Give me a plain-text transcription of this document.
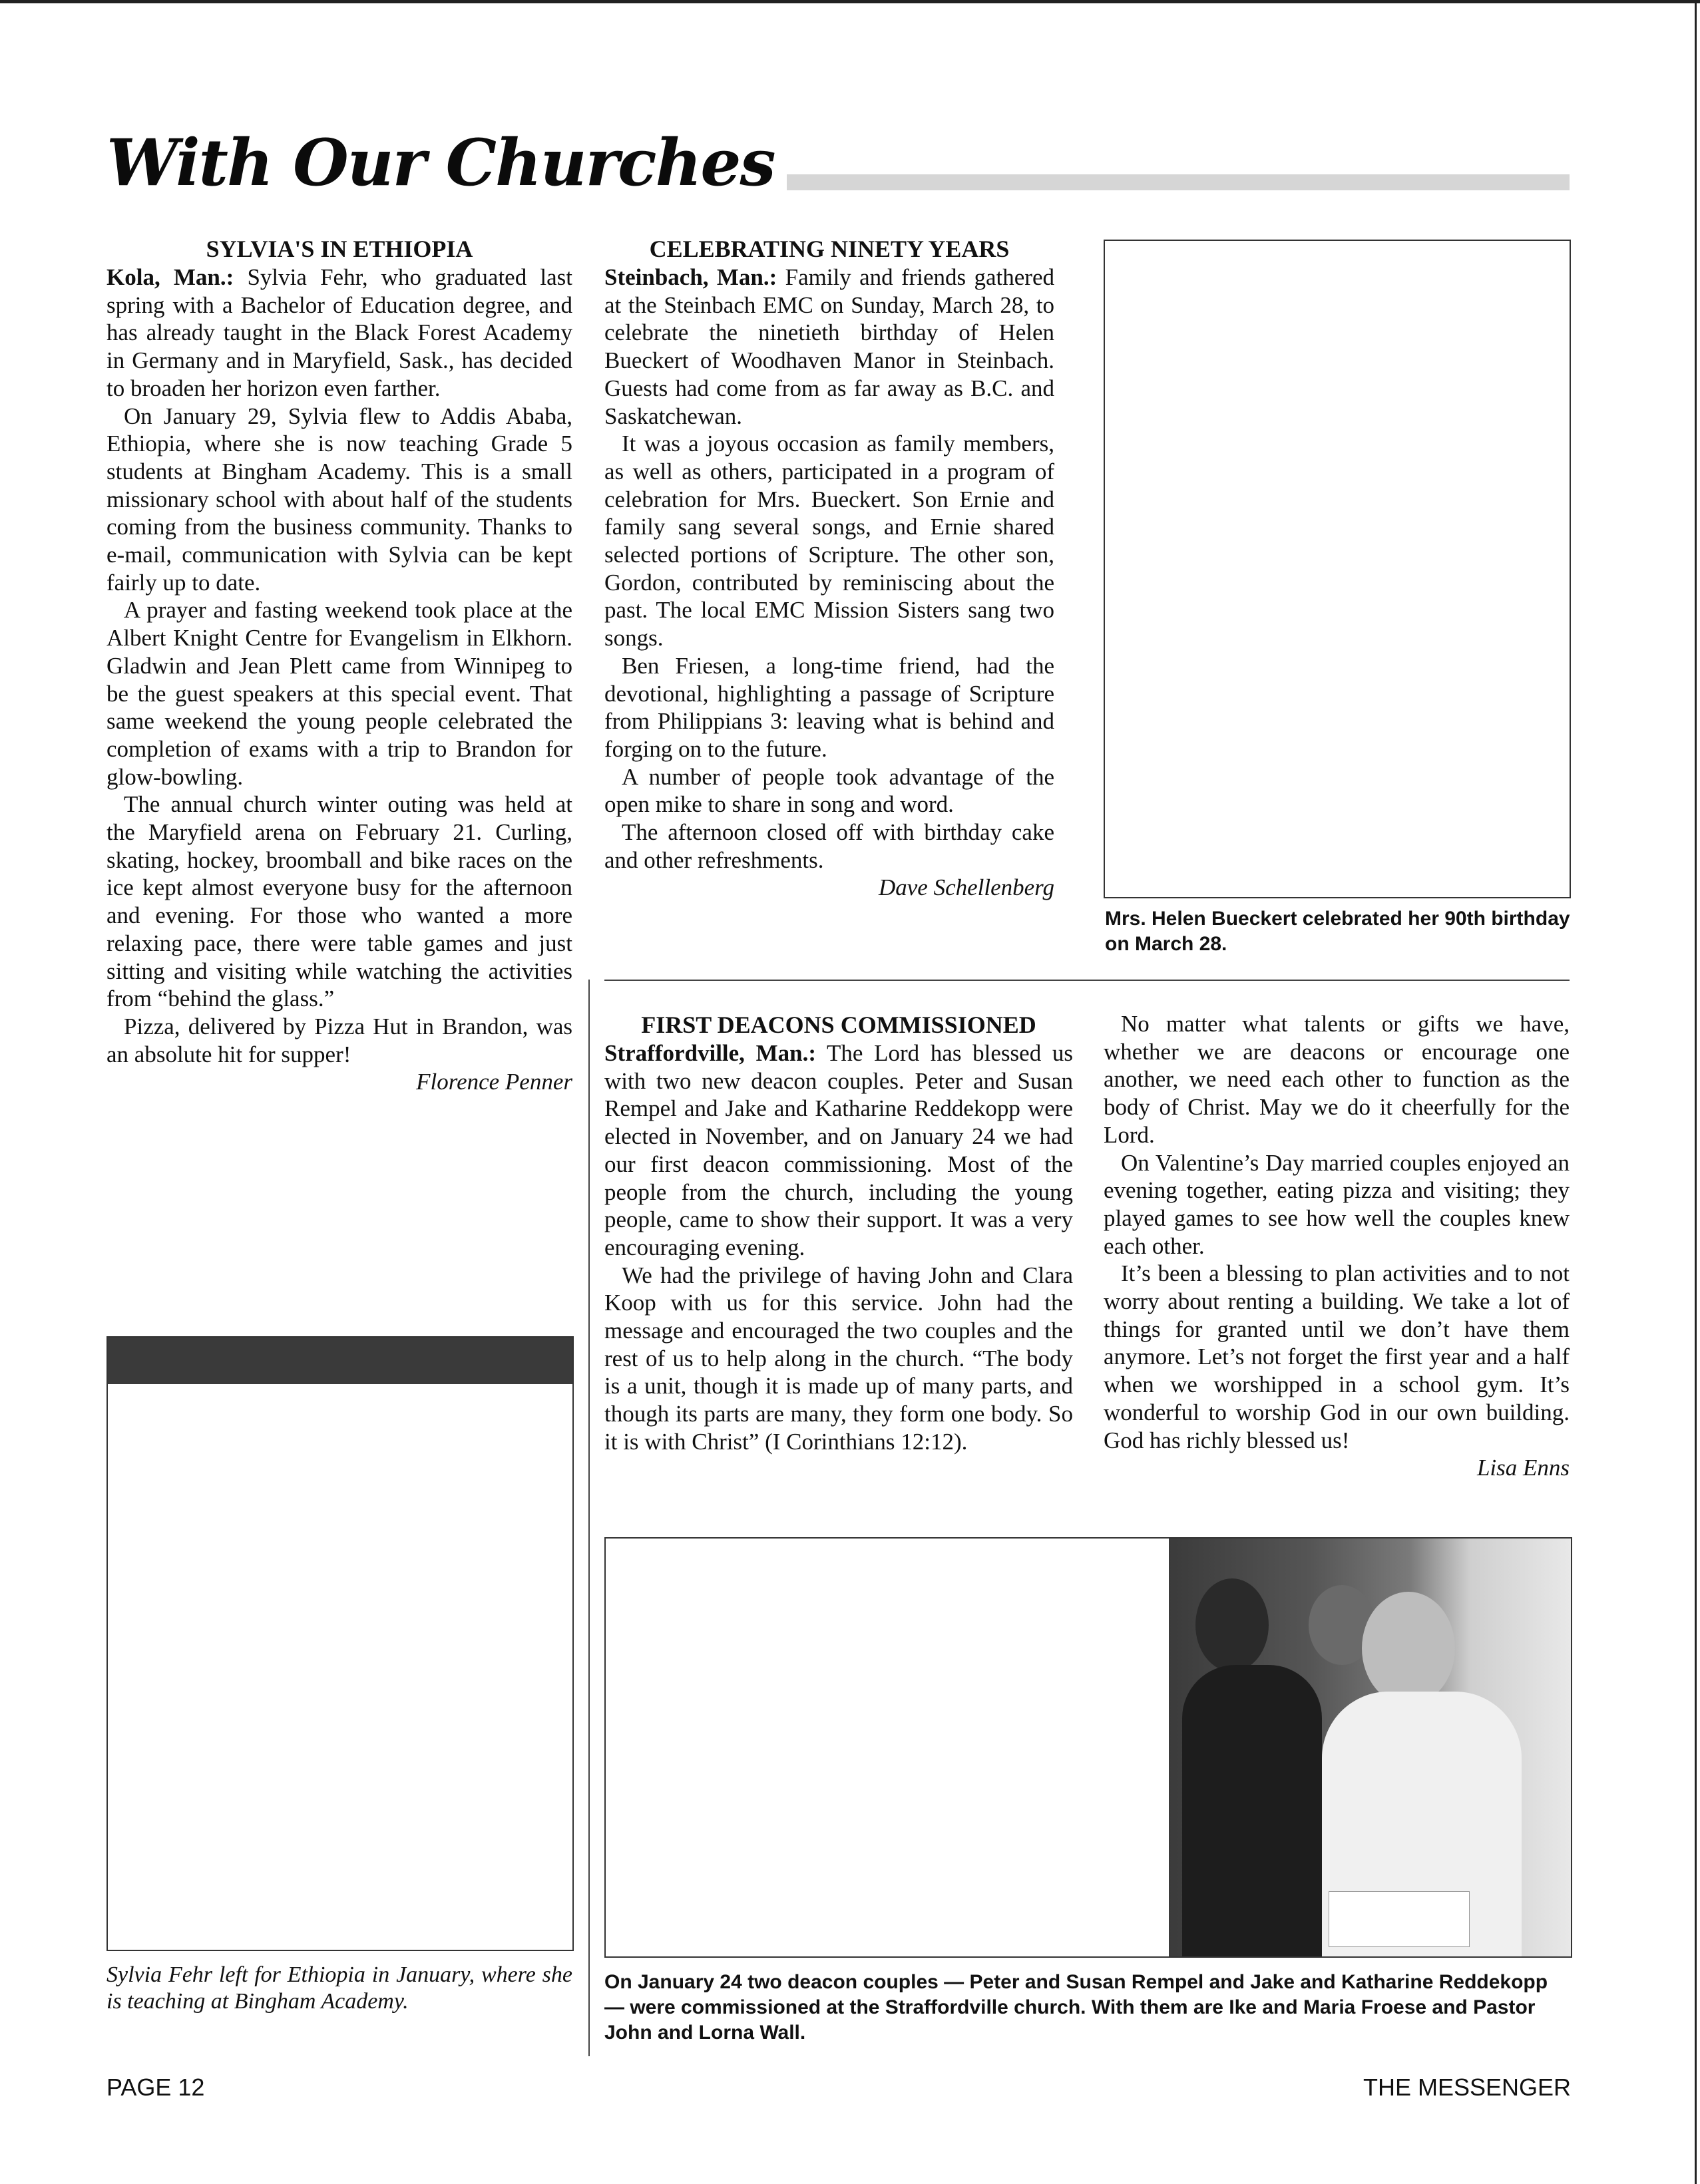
With Our Churches

SYLVIA'S IN ETHIOPIA

Kola, Man.: Sylvia Fehr, who graduated last spring with a Bachelor of Education degree, and has already taught in the Black Forest Academy in Germany and in Maryfield, Sask., has decided to broaden her horizon even farther.

On January 29, Sylvia flew to Addis Ababa, Ethiopia, where she is now teaching Grade 5 students at Bingham Academy. This is a small missionary school with about half of the students coming from the business community. Thanks to e-mail, communication with Sylvia can be kept fairly up to date.

A prayer and fasting weekend took place at the Albert Knight Centre for Evangelism in Elkhorn. Gladwin and Jean Plett came from Winnipeg to be the guest speakers at this special event. That same weekend the young people celebrated the completion of exams with a trip to Brandon for glow-bowling.

The annual church winter outing was held at the Maryfield arena on February 21. Curling, skating, hockey, broomball and bike races on the ice kept almost everyone busy for the afternoon and evening. For those who wanted a more relaxing pace, there were table games and just sitting and visiting while watching the activities from “behind the glass.”

Pizza, delivered by Pizza Hut in Brandon, was an absolute hit for supper!

Florence Penner

Sylvia Fehr left for Ethiopia in January, where she is teaching at Bingham Academy.

CELEBRATING NINETY YEARS

Steinbach, Man.: Family and friends gathered at the Steinbach EMC on Sunday, March 28, to celebrate the ninetieth birthday of Helen Bueckert of Woodhaven Manor in Steinbach. Guests had come from as far away as B.C. and Saskatchewan.

It was a joyous occasion as family members, as well as others, participated in a program of celebration for Mrs. Bueckert. Son Ernie and family sang several songs, and Ernie shared selected portions of Scripture. The other son, Gordon, contributed by reminiscing about the past. The local EMC Mission Sisters sang two songs.

Ben Friesen, a long-time friend, had the devotional, highlighting a passage of Scripture from Philippians 3: leaving what is behind and forging on to the future.

A number of people took advantage of the open mike to share in song and word.

The afternoon closed off with birthday cake and other refreshments.

Dave Schellenberg

Mrs. Helen Bueckert celebrated her 90th birthday on March 28.

FIRST DEACONS COMMISSIONED

Straffordville, Man.: The Lord has blessed us with two new deacon couples. Peter and Susan Rempel and Jake and Katharine Reddekopp were elected in November, and on January 24 we had our first deacon commissioning. Most of the people from the church, including the young people, came to show their support. It was a very encouraging evening.

We had the privilege of having John and Clara Koop with us for this service. John had the message and encouraged the two couples and the rest of us to help along in the church. “The body is a unit, though it is made up of many parts, and though its parts are many, they form one body. So it is with Christ” (I Corinthians 12:12).

No matter what talents or gifts we have, whether we are deacons or encourage one another, we need each other to function as the body of Christ. May we do it cheerfully for the Lord.

On Valentine’s Day married couples enjoyed an evening together, eating pizza and visiting; they played games to see how well the couples knew each other.

It’s been a blessing to plan activities and to not worry about renting a building. We take a lot of things for granted until we don’t have them anymore. Let’s not forget the first year and a half when we worshipped in a school gym. It’s wonderful to worship God in our own building. God has richly blessed us!

Lisa Enns

On January 24 two deacon couples — Peter and Susan Rempel and Jake and Katharine Reddekopp — were commissioned at the Straffordville church. With them are Ike and Maria Froese and Pastor John and Lorna Wall.
PAGE 12	THE MESSENGER
